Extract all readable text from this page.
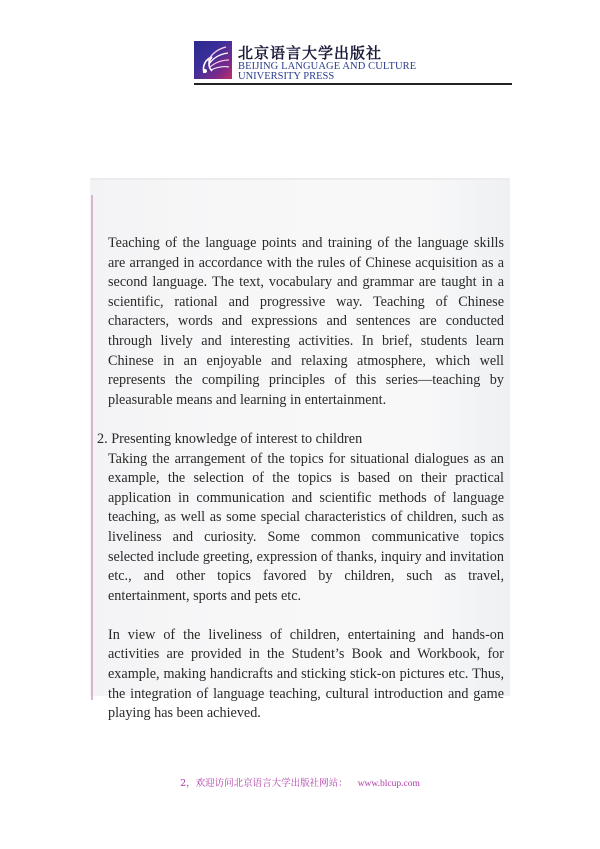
北京语言大学出版社
BEIJING LANGUAGE AND CULTURE
UNIVERSITY PRESS

Teaching of the language points and training of the language skills are arranged in accordance with the rules of Chinese acquisition as a second language. The text, vocabulary and grammar are taught in a scientific, rational and progressive way. Teaching of Chinese characters, words and expressions and sentences are conducted through lively and interesting activities. In brief, students learn Chinese in an enjoyable and relaxing atmosphere, which well represents the compiling principles of this series—teaching by pleasurable means and learning in entertainment.

2. Presenting knowledge of interest to children

Taking the arrangement of the topics for situational dialogues as an example, the selection of the topics is based on their practical application in communication and scientific methods of language teaching, as well as some special characteristics of children, such as liveliness and curiosity. Some common communicative topics selected include greeting, expression of thanks, inquiry and invitation etc., and other topics favored by children, such as travel, entertainment, sports and pets etc.

In view of the liveliness of children, entertaining and hands-on activities are provided in the Student’s Book and Workbook, for example, making handicrafts and sticking stick-on pictures etc. Thus, the integration of language teaching, cultural introduction and game playing has been achieved.

2，欢迎访问北京语言大学出版社网站： www.blcup.com
